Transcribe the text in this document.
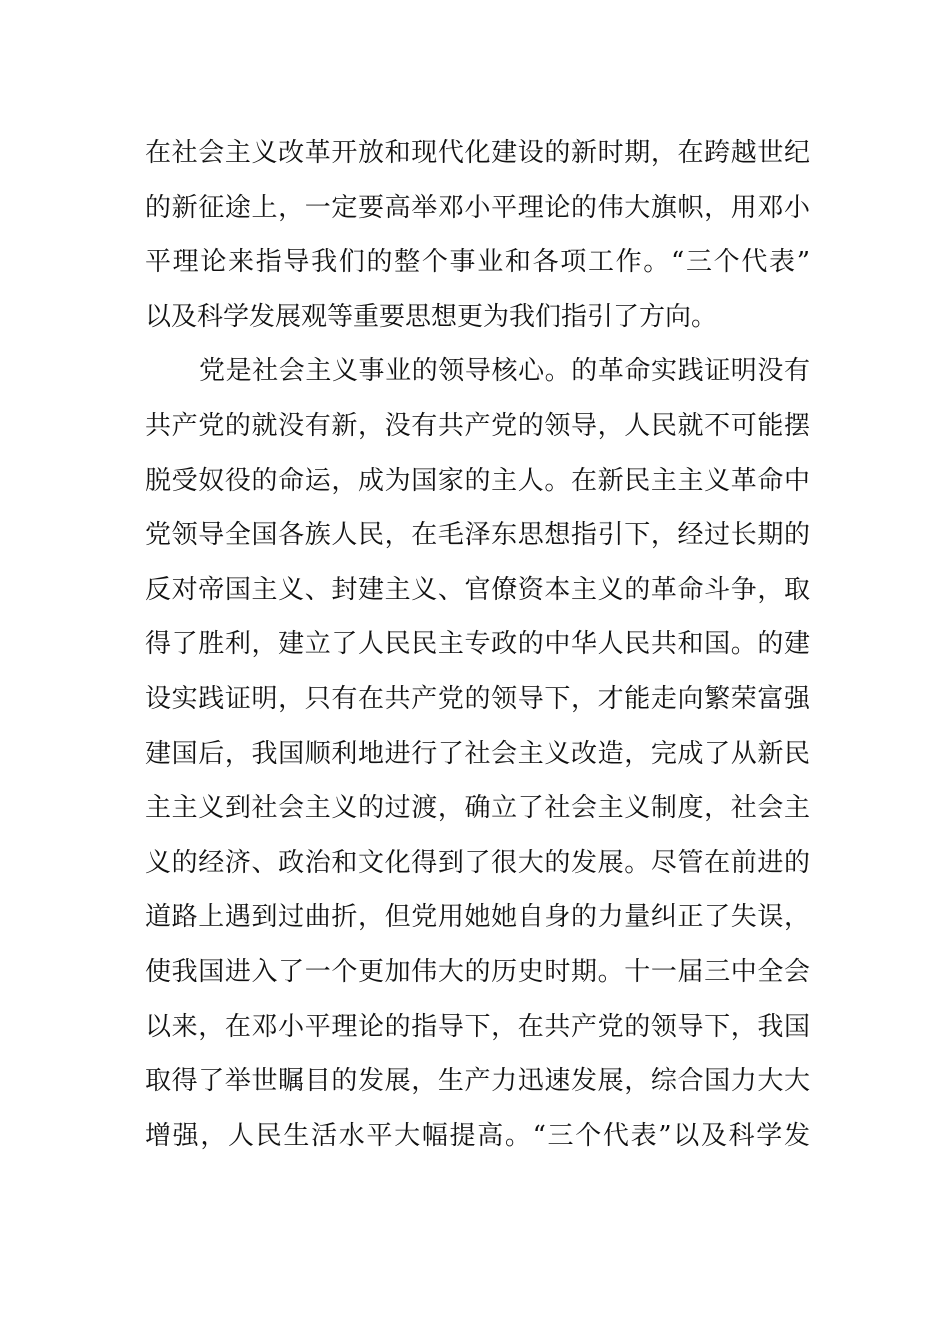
在社会主义改革开放和现代化建设的新时期，在跨越世纪
的新征途上，一定要高举邓小平理论的伟大旗帜，用邓小
平理论来指导我们的整个事业和各项工作。“三个代表”
以及科学发展观等重要思想更为我们指引了方向。
党是社会主义事业的领导核心。的革命实践证明没有
共产党的就没有新，没有共产党的领导，人民就不可能摆
脱受奴役的命运，成为国家的主人。在新民主主义革命中
党领导全国各族人民，在毛泽东思想指引下，经过长期的
反对帝国主义、封建主义、官僚资本主义的革命斗争，取
得了胜利，建立了人民民主专政的中华人民共和国。的建
设实践证明，只有在共产党的领导下，才能走向繁荣富强
建国后，我国顺利地进行了社会主义改造，完成了从新民
主主义到社会主义的过渡，确立了社会主义制度，社会主
义的经济、政治和文化得到了很大的发展。尽管在前进的
道路上遇到过曲折，但党用她她自身的力量纠正了失误，
使我国进入了一个更加伟大的历史时期。十一届三中全会
以来，在邓小平理论的指导下，在共产党的领导下，我国
取得了举世瞩目的发展，生产力迅速发展，综合国力大大
增强，人民生活水平大幅提高。“三个代表”以及科学发
